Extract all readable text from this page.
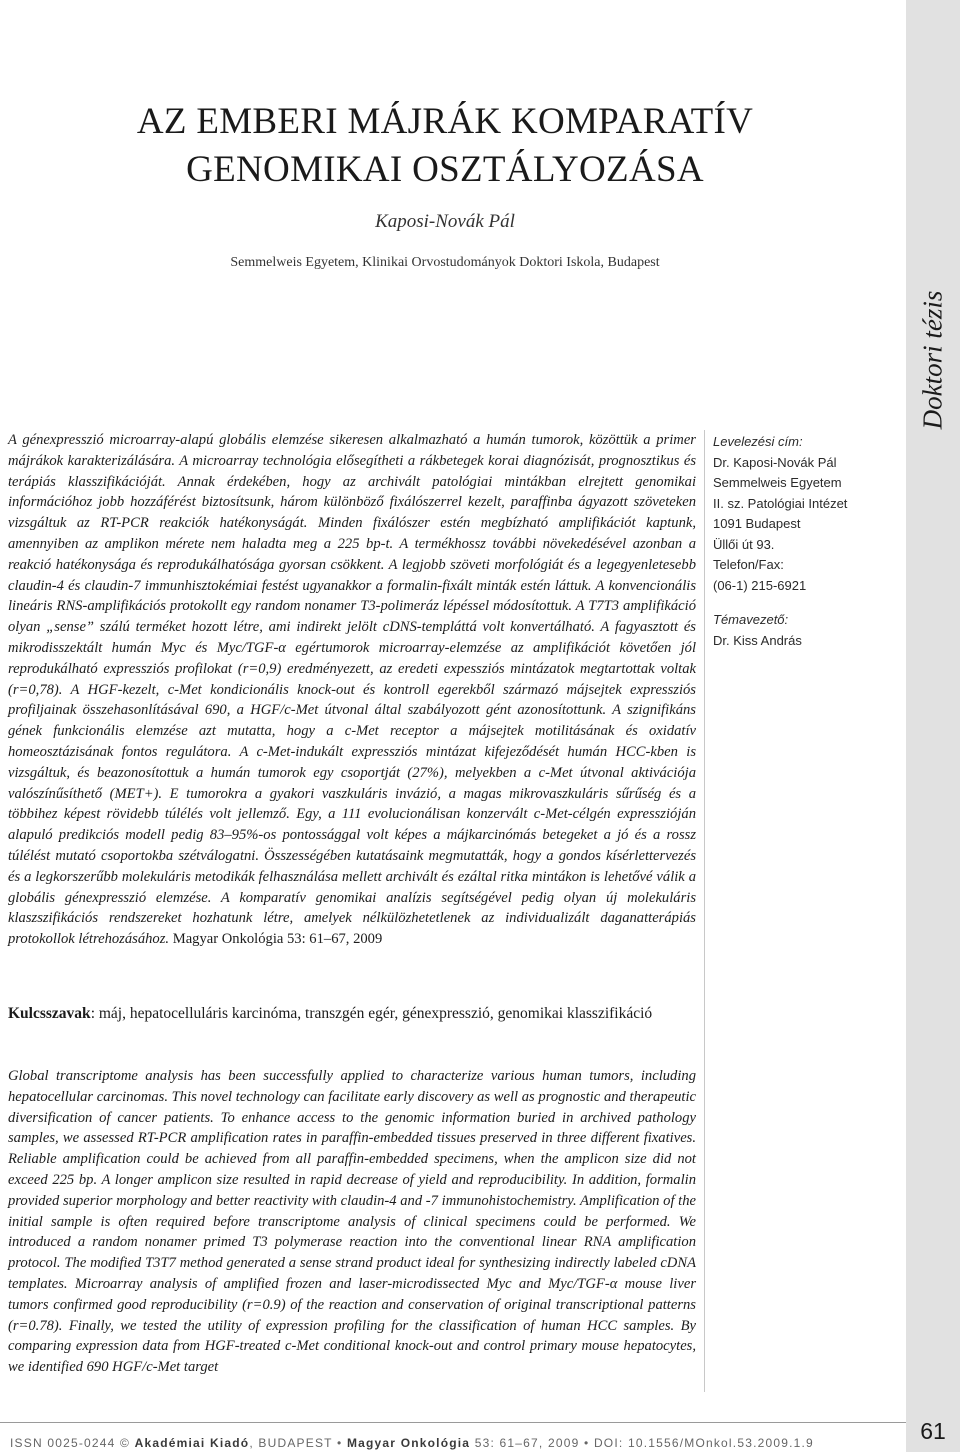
Doktori tézis
AZ EMBERI MÁJRÁK KOMPARATÍV
GENOMIKAI OSZTÁLYOZÁSA
Kaposi-Novák Pál
Semmelweis Egyetem, Klinikai Orvostudományok Doktori Iskola, Budapest

A génexpresszió microarray-alapú globális elemzése sikeresen alkalmazható a humán tumorok, közöttük a primer májrákok karakterizálására. A microarray technológia elősegítheti a rákbetegek korai diagnózisát, prognosztikus és terápiás klasszifikációját. Annak érdekében, hogy az archivált patológiai mintákban elrejtett genomikai információhoz jobb hozzáférést biztosítsunk, három különböző fixálószerrel kezelt, paraffinba ágyazott szöveteken vizsgáltuk az RT-PCR reakciók hatékonyságát. Minden fixálószer estén megbízható amplifikációt kaptunk, amennyiben az amplikon mérete nem haladta meg a 225 bp-t. A termékhossz további növekedésével azonban a reakció hatékonysága és reprodukálhatósága gyorsan csökkent. A legjobb szöveti morfológiát és a legegyenletesebb claudin-4 és claudin-7 immunhisztokémiai festést ugyanakkor a formalin-fixált minták estén láttuk. A konvencionális lineáris RNS-amplifikációs protokollt egy random nonamer T3-polimeráz lépéssel módosítottuk. A T7T3 amplifikáció olyan „sense” szálú terméket hozott létre, ami indirekt jelölt cDNS-templáttá volt konvertálható. A fagyasztott és mikrodisszektált humán Myc és Myc/TGF-α egértumorok microarray-elemzése az amplifikációt követően jól reprodukálható expressziós profilokat (r=0,9) eredményezett, az eredeti expessziós mintázatok megtartottak voltak (r=0,78). A HGF-kezelt, c-Met kondicionális knock-out és kontroll egerekből származó májsejtek expressziós profiljainak összehasonlításával 690, a HGF/c-Met útvonal által szabályozott gént azonosítottunk. A szignifikáns gének funkcionális elemzése azt mutatta, hogy a c-Met receptor a májsejtek motilitásának és oxidatív homeosztázisának fontos regulátora. A c-Met-indukált expressziós mintázat kifejeződését humán HCC-kben is vizsgáltuk, és beazonosítottuk a humán tumorok egy csoportját (27%), melyekben a c-Met útvonal aktivációja valószínűsíthető (MET+). E tumorokra a gyakori vaszkuláris invázió, a magas mikrovaszkuláris sűrűség és a többihez képest rövidebb túlélés volt jellemző. Egy, a 111 evolucionálisan konzervált c-Met-célgén expresszióján alapuló predikciós modell pedig 83–95%-os pontossággal volt képes a májkarcinómás betegeket a jó és a rossz túlélést mutató csoportokba szétválogatni. Összességében kutatásaink megmutatták, hogy a gondos kísérlettervezés és a legkorszerűbb molekuláris metodikák felhasználása mellett archivált és ezáltal ritka mintákon is lehetővé válik a globális génexpresszió elemzése. A komparatív genomikai analízis segítségével pedig olyan új molekuláris klaszszifikációs rendszereket hozhatunk létre, amelyek nélkülözhetetlenek az individualizált daganatterápiás protokollok létrehozásához. Magyar Onkológia 53: 61–67, 2009

Kulcsszavak: máj, hepatocelluláris karcinóma, transzgén egér, génexpresszió, genomikai klasszifikáció

Global transcriptome analysis has been successfully applied to characterize various human tumors, including hepatocellular carcinomas. This novel technology can facilitate early discovery as well as prognostic and therapeutic diversification of cancer patients. To enhance access to the genomic information buried in archived pathology samples, we assessed RT-PCR amplification rates in paraffin-embedded tissues preserved in three different fixatives. Reliable amplification could be achieved from all paraffin-embedded specimens, when the amplicon size did not exceed 225 bp. A longer amplicon size resulted in rapid decrease of yield and reproducibility. In addition, formalin provided superior morphology and better reactivity with claudin-4 and -7 immunohistochemistry. Amplification of the initial sample is often required before transcriptome analysis of clinical specimens could be performed. We introduced a random nonamer primed T3 polymerase reaction into the conventional linear RNA amplification protocol. The modified T3T7 method generated a sense strand product ideal for synthesizing indirectly labeled cDNA templates. Microarray analysis of amplified frozen and laser-microdissected Myc and Myc/TGF-α mouse liver tumors confirmed good reproducibility (r=0.9) of the reaction and conservation of original transcriptional patterns (r=0.78). Finally, we tested the utility of expression profiling for the classification of human HCC samples. By comparing expression data from HGF-treated c-Met conditional knock-out and control primary mouse hepatocytes, we identified 690 HGF/c-Met target

Levelezési cím:
Dr. Kaposi-Novák Pál
Semmelweis Egyetem
II. sz. Patológiai Intézet
1091 Budapest
Üllői út 93.
Telefon/Fax:
(06-1) 215-6921
Témavezető:
Dr. Kiss András
ISSN 0025-0244 © Akadémiai Kiadó, BUDAPEST • Magyar Onkológia 53: 61–67, 2009 • DOI: 10.1556/MOnkol.53.2009.1.9	61
